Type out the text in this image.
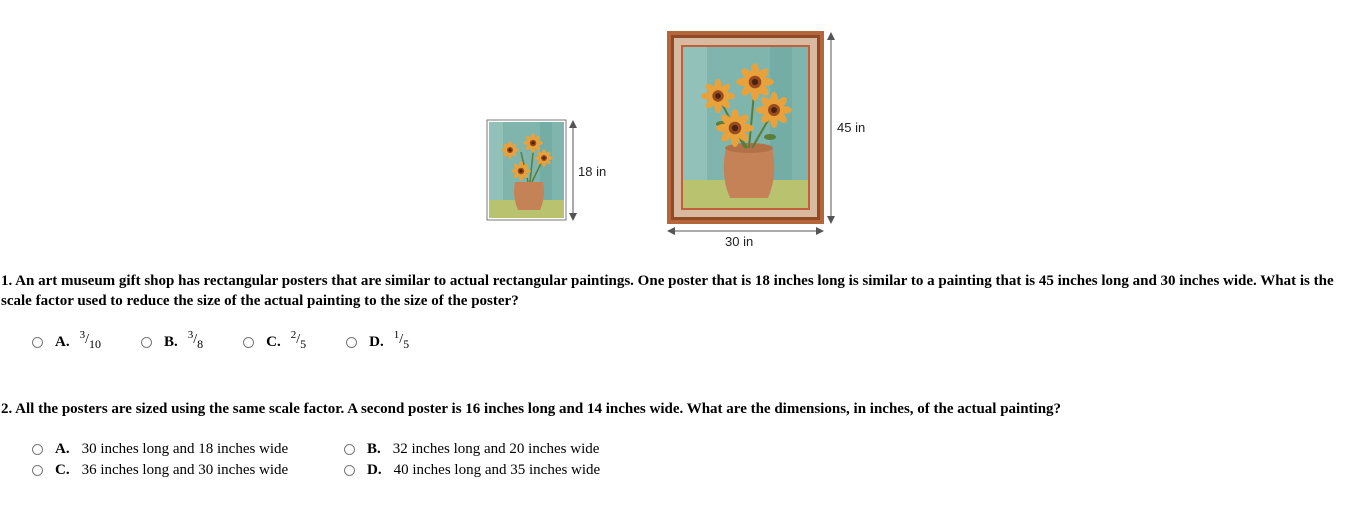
18 in
45 in
30 in
1. An art museum gift shop has rectangular posters that are similar to actual rectangular paintings. One poster that is 18 inches long is similar to a painting that is 45 inches long and 30 inches wide. What is the scale factor used to reduce the size of the actual painting to the size of the poster?
A. $^3/_{10}$	B. $^3/_8$	C. $^2/_5$	D. $^1/_5$
2. All the posters are sized using the same scale factor. A second poster is 16 inches long and 14 inches wide. What are the dimensions, in inches, of the actual painting?
A. 30 inches long and 18 inches wide	B. 32 inches long and 20 inches wide
C. 36 inches long and 30 inches wide	D. 40 inches long and 35 inches wide
